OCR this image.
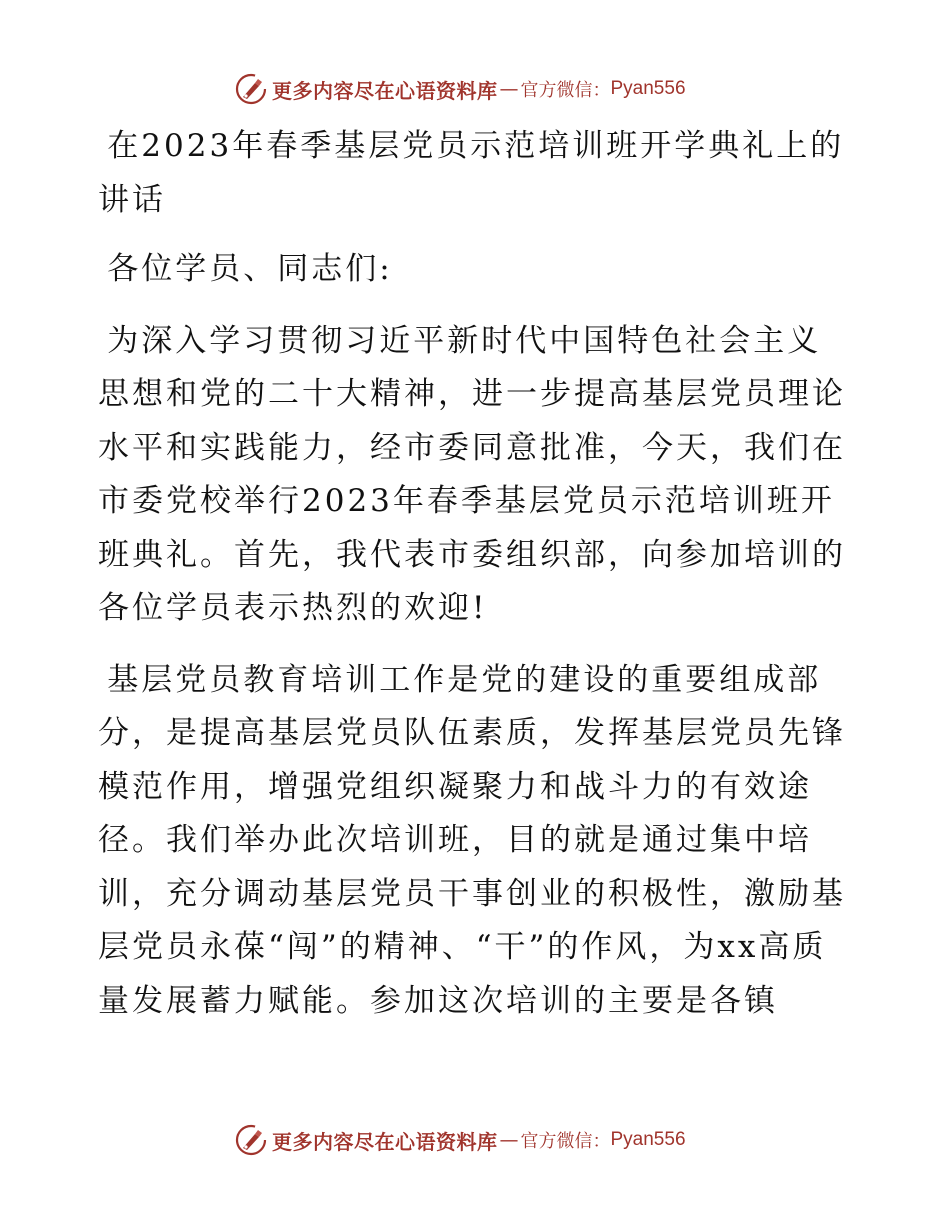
更多内容尽在心语资料库 — 官方微信： Pyan556

在2023年春季基层党员示范培训班开学典礼上的讲话

各位学员、同志们:

为深入学习贯彻习近平新时代中国特色社会主义思想和党的二十大精神，进一步提高基层党员理论水平和实践能力，经市委同意批准，今天，我们在市委党校举行2023年春季基层党员示范培训班开班典礼。首先，我代表市委组织部，向参加培训的各位学员表示热烈的欢迎!

基层党员教育培训工作是党的建设的重要组成部分，是提高基层党员队伍素质，发挥基层党员先锋模范作用，增强党组织凝聚力和战斗力的有效途径。我们举办此次培训班，目的就是通过集中培训，充分调动基层党员干事创业的积极性，激励基层党员永葆“闯”的精神、“干”的作风，为xx高质量发展蓄力赋能。参加这次培训的主要是各镇

更多内容尽在心语资料库 — 官方微信： Pyan556
